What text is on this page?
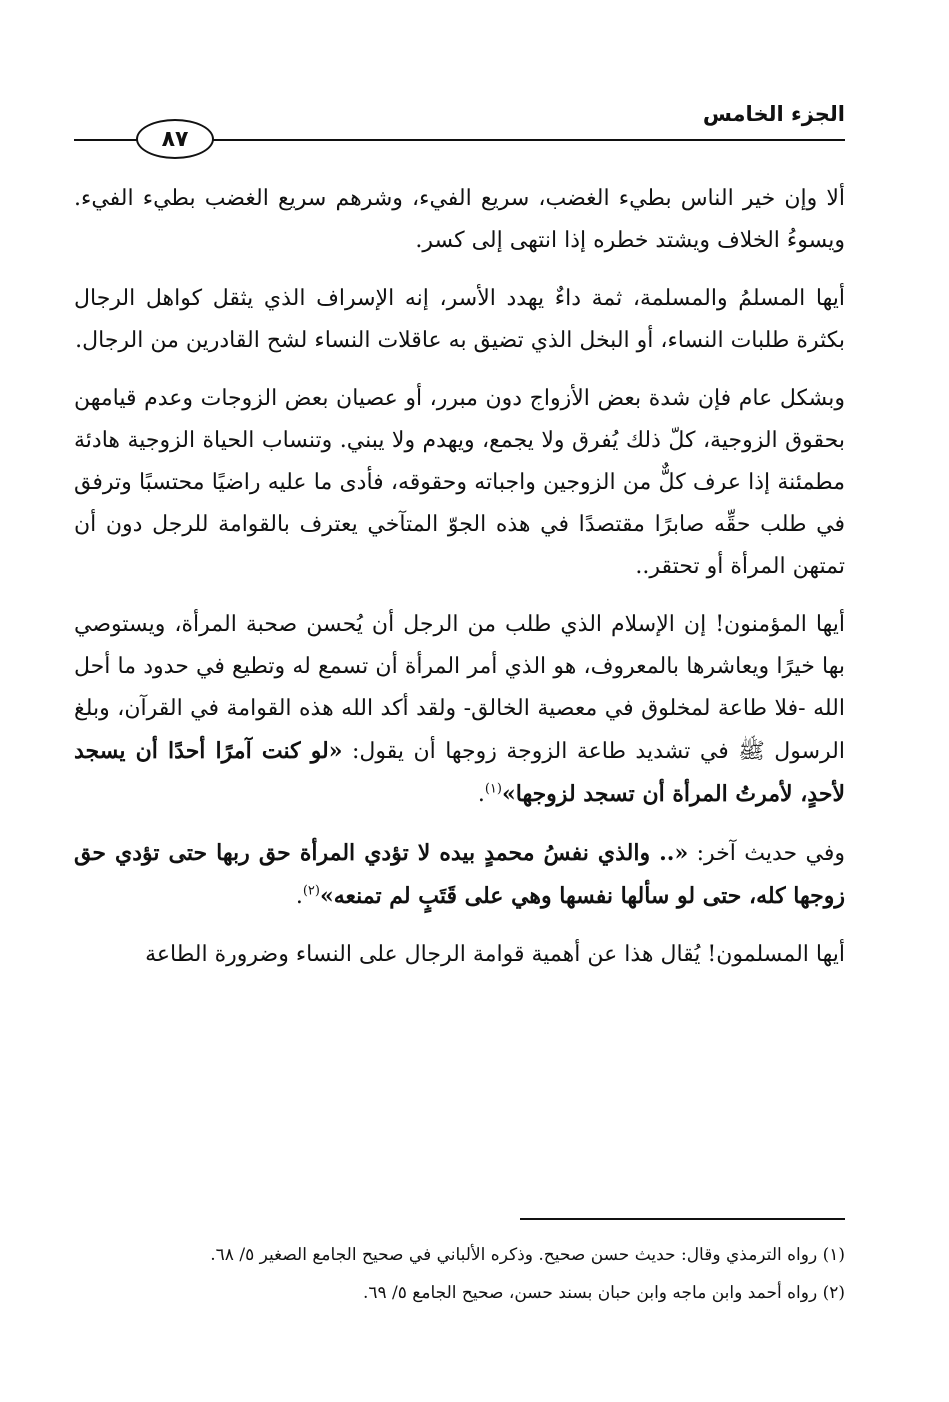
الجزء الخامس
٨٧

ألا وإن خير الناس بطيء الغضب، سريع الفيء، وشرهم سريع الغضب بطيء الفيء. ويسوءُ الخلاف ويشتد خطره إذا انتهى إلى كسر.

أيها المسلمُ والمسلمة، ثمة داءٌ يهدد الأسر، إنه الإسراف الذي يثقل كواهل الرجال بكثرة طلبات النساء، أو البخل الذي تضيق به عاقلات النساء لشح القادرين من الرجال.

وبشكل عام فإن شدة بعض الأزواج دون مبرر، أو عصيان بعض الزوجات وعدم قيامهن بحقوق الزوجية، كلّ ذلك يُفرق ولا يجمع، ويهدم ولا يبني. وتنساب الحياة الزوجية هادئة مطمئنة إذا عرف كلٌّ من الزوجين واجباته وحقوقه، فأدى ما عليه راضيًا محتسبًا وترفق في طلب حقِّه صابرًا مقتصدًا في هذه الجوّ المتآخي يعترف بالقوامة للرجل دون أن تمتهن المرأة أو تحتقر..

أيها المؤمنون! إن الإسلام الذي طلب من الرجل أن يُحسن صحبة المرأة، ويستوصي بها خيرًا ويعاشرها بالمعروف، هو الذي أمر المرأة أن تسمع له وتطيع في حدود ما أحل الله -فلا طاعة لمخلوق في معصية الخالق- ولقد أكد الله هذه القوامة في القرآن، وبلغ الرسول ﷺ في تشديد طاعة الزوجة زوجها أن يقول: «لو كنت آمرًا أحدًا أن يسجد لأحدٍ، لأمرتُ المرأة أن تسجد لزوجها»$^{(١)}$.

وفي حديث آخر: «.. والذي نفسُ محمدٍ بيده لا تؤدي المرأة حق ربها حتى تؤدي حق زوجها كله، حتى لو سألها نفسها وهي على قَتَبٍ لم تمنعه»$^{(٢)}$.

أيها المسلمون! يُقال هذا عن أهمية قوامة الرجال على النساء وضرورة الطاعة

(١) رواه الترمذي وقال: حديث حسن صحيح. وذكره الألباني في صحيح الجامع الصغير ٥/ ٦٨.

(٢) رواه أحمد وابن ماجه وابن حبان بسند حسن، صحيح الجامع ٥/ ٦٩.
